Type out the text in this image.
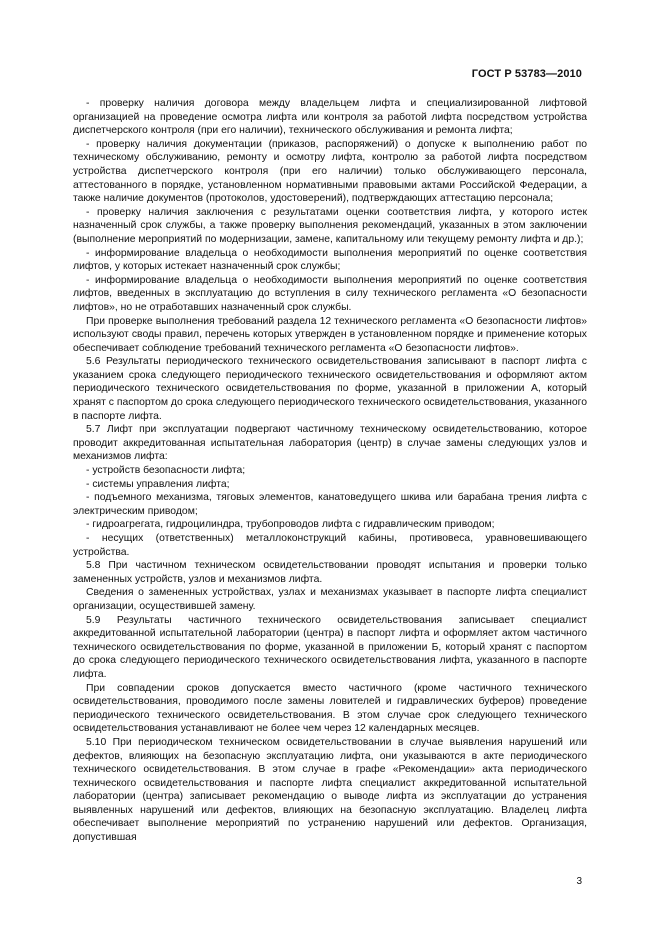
ГОСТ Р 53783—2010

- проверку наличия договора между владельцем лифта и специализированной лифтовой организацией на проведение осмотра лифта или контроля за работой лифта посредством устройства диспетчерского контроля (при его наличии), технического обслуживания и ремонта лифта;

- проверку наличия документации (приказов, распоряжений) о допуске к выполнению работ по техническому обслуживанию, ремонту и осмотру лифта, контролю за работой лифта посредством устройства диспетчерского контроля (при его наличии) только обслуживающего персонала, аттестованного в порядке, установленном нормативными правовыми актами Российской Федерации, а также наличие документов (протоколов, удостоверений), подтверждающих аттестацию персонала;

- проверку наличия заключения с результатами оценки соответствия лифта, у которого истек назначенный срок службы, а также проверку выполнения рекомендаций, указанных в этом заключении (выполнение мероприятий по модернизации, замене, капитальному или текущему ремонту лифта и др.);

- информирование владельца о необходимости выполнения мероприятий по оценке соответствия лифтов, у которых истекает назначенный срок службы;

- информирование владельца о необходимости выполнения мероприятий по оценке соответствия лифтов, введенных в эксплуатацию до вступления в силу технического регламента «О безопасности лифтов», но не отработавших назначенный срок службы.

При проверке выполнения требований раздела 12 технического регламента «О безопасности лифтов» используют своды правил, перечень которых утвержден в установленном порядке и применение которых обеспечивает соблюдение требований технического регламента «О безопасности лифтов».

5.6 Результаты периодического технического освидетельствования записывают в паспорт лифта с указанием срока следующего периодического технического освидетельствования и оформляют актом периодического технического освидетельствования по форме, указанной в приложении А, который хранят с паспортом до срока следующего периодического технического освидетельствования, указанного в паспорте лифта.

5.7 Лифт при эксплуатации подвергают частичному техническому освидетельствованию, которое проводит аккредитованная испытательная лаборатория (центр) в случае замены следующих узлов и механизмов лифта:

- устройств безопасности лифта;

- системы управления лифта;

- подъемного механизма, тяговых элементов, канатоведущего шкива или барабана трения лифта с электрическим приводом;

- гидроагрегата, гидроцилиндра, трубопроводов лифта с гидравлическим приводом;

- несущих (ответственных) металлоконструкций кабины, противовеса, уравновешивающего устройства.

5.8 При частичном техническом освидетельствовании проводят испытания и проверки только замененных устройств, узлов и механизмов лифта.

Сведения о замененных устройствах, узлах и механизмах указывает в паспорте лифта специалист организации, осуществившей замену.

5.9 Результаты частичного технического освидетельствования записывает специалист аккредитованной испытательной лаборатории (центра) в паспорт лифта и оформляет актом частичного технического освидетельствования по форме, указанной в приложении Б, который хранят с паспортом до срока следующего периодического технического освидетельствования лифта, указанного в паспорте лифта.

При совпадении сроков допускается вместо частичного (кроме частичного технического освидетельствования, проводимого после замены ловителей и гидравлических буферов) проведение периодического технического освидетельствования. В этом случае срок следующего технического освидетельствования устанавливают не более чем через 12 календарных месяцев.

5.10 При периодическом техническом освидетельствовании в случае выявления нарушений или дефектов, влияющих на безопасную эксплуатацию лифта, они указываются в акте периодического технического освидетельствования. В этом случае в графе «Рекомендации» акта периодического технического освидетельствования и паспорте лифта специалист аккредитованной испытательной лаборатории (центра) записывает рекомендацию о выводе лифта из эксплуатации до устранения выявленных нарушений или дефектов, влияющих на безопасную эксплуатацию. Владелец лифта обеспечивает выполнение мероприятий по устранению нарушений или дефектов. Организация, допустившая

3
